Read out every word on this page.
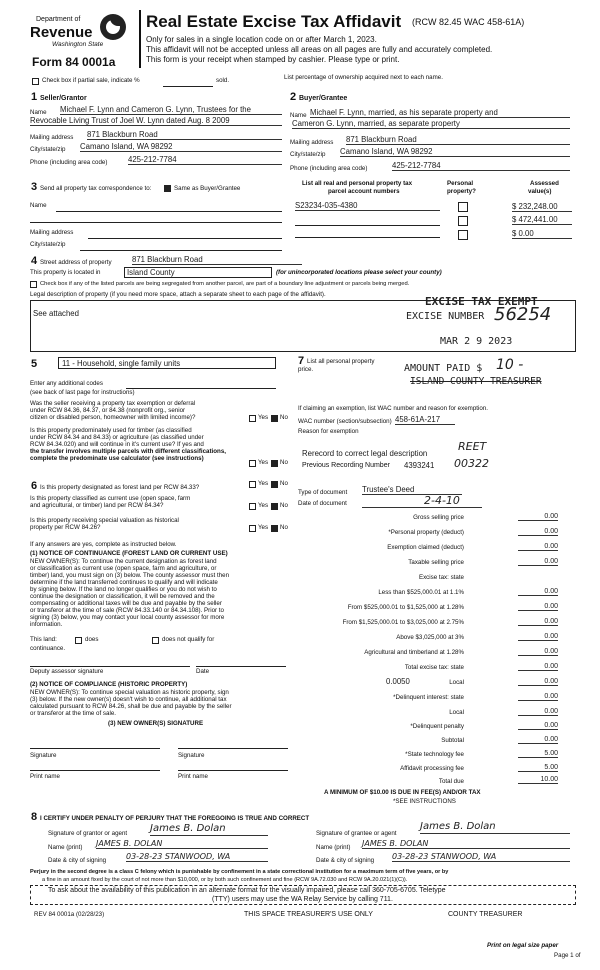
Department of
Revenue
Washington State
Form 84 0001a
Real Estate Excise Tax Affidavit (RCW 82.45 WAC 458-61A)
Only for sales in a single location code on or after March 1, 2023.
This affidavit will not be accepted unless all areas on all pages are fully and accurately completed.
This form is your receipt when stamped by cashier. Please type or print.
Check box if partial sale, indicate %	sold.	List percentage of ownership acquired next to each name.
1 Seller/Grantor
Name Michael F. Lynn and Cameron G. Lynn, Trustees for the
Revocable Living Trust of Joel W. Lynn dated Aug. 8 2009
Mailing address 871 Blackburn Road
City/state/zip Camano Island, WA 98292
Phone (including area code)	425-212-7784
2 Buyer/Grantee
Name Michael F. Lynn, married, as his separate property and
Cameron G. Lynn, married, as separate property
Mailing address 871 Blackburn Road
City/state/zip Camano Island, WA 98292
Phone (including area code)	425-212-7784
3 Send all property tax correspondence to:	Same as Buyer/Grantee
Name
Mailing address
City/state/zip
List all real and personal property tax
parcel account numbers
Personal
property?
Assessed
value(s)
S23234-035-4380	$ 232,248.00
$ 472,441.00
$ 0.00
4 Street address of property	871 Blackburn Road
This property is located in	Island County	(for unincorporated locations please select your county)
Check box if any of the listed parcels are being segregated from another parcel, are part of a boundary line adjustment or parcels being merged.
Legal description of property (if you need more space, attach a separate sheet to each page of the affidavit).
See attached
EXCISE TAX EXEMPT
EXCISE NUMBER 56254
MAR 2 9 2023
5	11 - Household, single family units
Enter any additional codes
(see back of last page for instructions)
Was the seller receiving a property tax exemption or deferral
under RCW 84.36, 84.37, or 84.38 (nonprofit org., senior
citizen or disabled person, homeowner with limited income)?	Yes No
Is this property predominately used for timber (as classified
under RCW 84.34 and 84.33) or agriculture (as classified under
RCW 84.34.020) and will continue in it's current use? If yes and
the transfer involves multiple parcels with different classifications,
complete the predominate use calculator (see instructions)
Yes No
7 List all personal property
price.
If claiming an exemption, list WAC number and reason for exemption.
WAC number (section/subsection) 458-61A-217
Reason for exemption
Rerecord to correct legal description
Previous Recording Number 4393241
REET
00322
Type of document Trustee's Deed
Date of document	2-4-10
AMOUNT PAID $ 10 -
ISLAND COUNTY TREASURER
6 Is this property designated as forest land per RCW 84.33?
Yes No
Is this property classified as current use (open space, farm
and agricultural, or timber) land per RCW 84.34?	Yes No
Is this property receiving special valuation as historical
property per RCW 84.26?	Yes No
If any answers are yes, complete as instructed below.
(1) NOTICE OF CONTINUANCE (FOREST LAND OR CURRENT USE)
NEW OWNER(S): To continue the current designation as forest land
or classification as current use (open space, farm and agriculture, or
timber) land, you must sign on (3) below. The county assessor must then
determine if the land transferred continues to qualify and will indicate
by signing below. If the land no longer qualifies or you do not wish to
continue the designation or classification, it will be removed and the
compensating or additional taxes will be due and payable by the seller
or transferor at the time of sale (RCW 84.33.140 or 84.34.108). Prior to
signing (3) below, you may contact your local county assessor for more
information.
This land:	does	does not qualify for
continuance.
Deputy assessor signature	Date
(2) NOTICE OF COMPLIANCE (HISTORIC PROPERTY)
NEW OWNER(S): To continue special valuation as historic property, sign
(3) below. If the new owner(s) doesn't wish to continue, all additional tax
calculated pursuant to RCW 84.26, shall be due and payable by the seller
or transferor at the time of sale.
(3) NEW OWNER(S) SIGNATURE
Signature	Signature
Print name	Print name
Gross selling price	0.00
*Personal property (deduct)	0.00
Exemption claimed (deduct)	0.00
Taxable selling price	0.00
Excise tax: state
Less than $525,000.01 at 1.1%	0.00
From $525,000.01 to $1,525,000 at 1.28%	0.00
From $1,525,000.01 to $3,025,000 at 2.75%	0.00
Above $3,025,000 at 3%	0.00
Agricultural and timberland at 1.28%	0.00
Total excise tax: state	0.00
0.0050	Local	0.00
*Delinquent interest: state	0.00
Local	0.00
*Delinquent penalty	0.00
Subtotal	0.00
*State technology fee	5.00
Affidavit processing fee	5.00
Total due	10.00
A MINIMUM OF $10.00 IS DUE IN FEE(S) AND/OR TAX
*SEE INSTRUCTIONS
8 I CERTIFY UNDER PENALTY OF PERJURY THAT THE FOREGOING IS TRUE AND CORRECT
Signature of grantor or agent James B. Dolan
Name (print) JAMES B. DOLAN
Date & city of signing 03-28-23 STANWOOD, WA
Signature of grantee or agent
James B. Dolan
Name (print) JAMES B. DOLAN
Date & city of signing 03-28-23 STANWOOD, WA
Perjury in the second degree is a class C felony which is punishable by confinement in a state correctional institution for a maximum term of five years, or by
a fine in an amount fixed by the court of not more than $10,000, or by both such confinement and fine (RCW 9A.72.030 and RCW 9A.20.021(1)(C)).
To ask about the availability of this publication in an alternate format for the visually impaired, please call 360-705-6705. Teletype
(TTY) users may use the WA Relay Service by calling 711.
REV 84 0001a (02/28/23)	THIS SPACE TREASURER'S USE ONLY	COUNTY TREASURER
Print on legal size paper
Page 1 of
